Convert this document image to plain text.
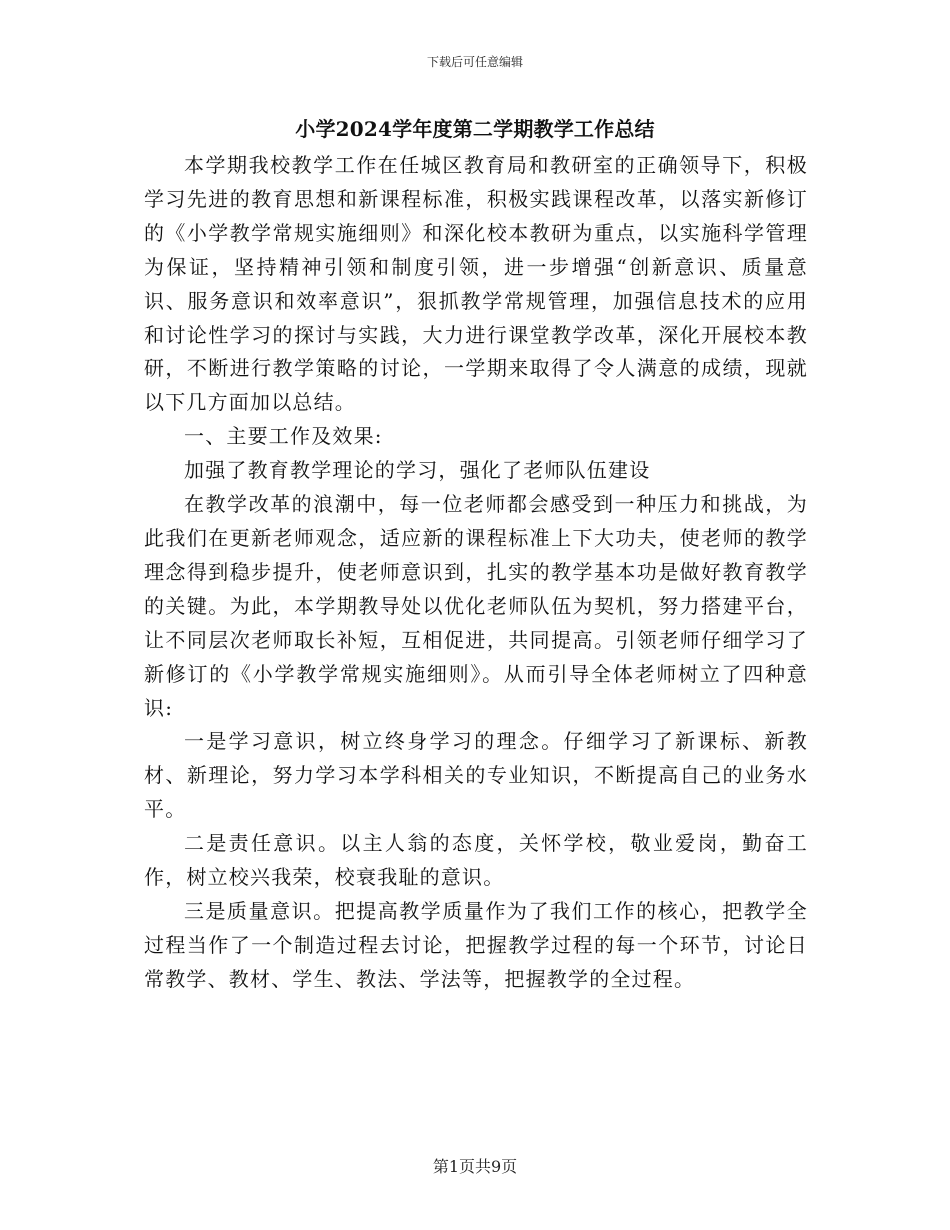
下载后可任意编辑
小学2024学年度第二学期教学工作总结

本学期我校教学工作在任城区教育局和教研室的正确领导下，积极学习先进的教育思想和新课程标准，积极实践课程改革，以落实新修订的《小学教学常规实施细则》和深化校本教研为重点，以实施科学管理为保证，坚持精神引领和制度引领，进一步增强“创新意识、质量意识、服务意识和效率意识”，狠抓教学常规管理，加强信息技术的应用和讨论性学习的探讨与实践，大力进行课堂教学改革，深化开展校本教研，不断进行教学策略的讨论，一学期来取得了令人满意的成绩，现就以下几方面加以总结。

一、主要工作及效果:

加强了教育教学理论的学习，强化了老师队伍建设

在教学改革的浪潮中，每一位老师都会感受到一种压力和挑战，为此我们在更新老师观念，适应新的课程标准上下大功夫，使老师的教学理念得到稳步提升，使老师意识到，扎实的教学基本功是做好教育教学的关键。为此，本学期教导处以优化老师队伍为契机，努力搭建平台，让不同层次老师取长补短，互相促进，共同提高。引领老师仔细学习了新修订的《小学教学常规实施细则》。从而引导全体老师树立了四种意识:

一是学习意识，树立终身学习的理念。仔细学习了新课标、新教材、新理论，努力学习本学科相关的专业知识，不断提高自己的业务水平。

二是责任意识。以主人翁的态度，关怀学校，敬业爱岗，勤奋工作，树立校兴我荣，校衰我耻的意识。

三是质量意识。把提高教学质量作为了我们工作的核心，把教学全过程当作了一个制造过程去讨论，把握教学过程的每一个环节，讨论日常教学、教材、学生、教法、学法等，把握教学的全过程。

第1页共9页
